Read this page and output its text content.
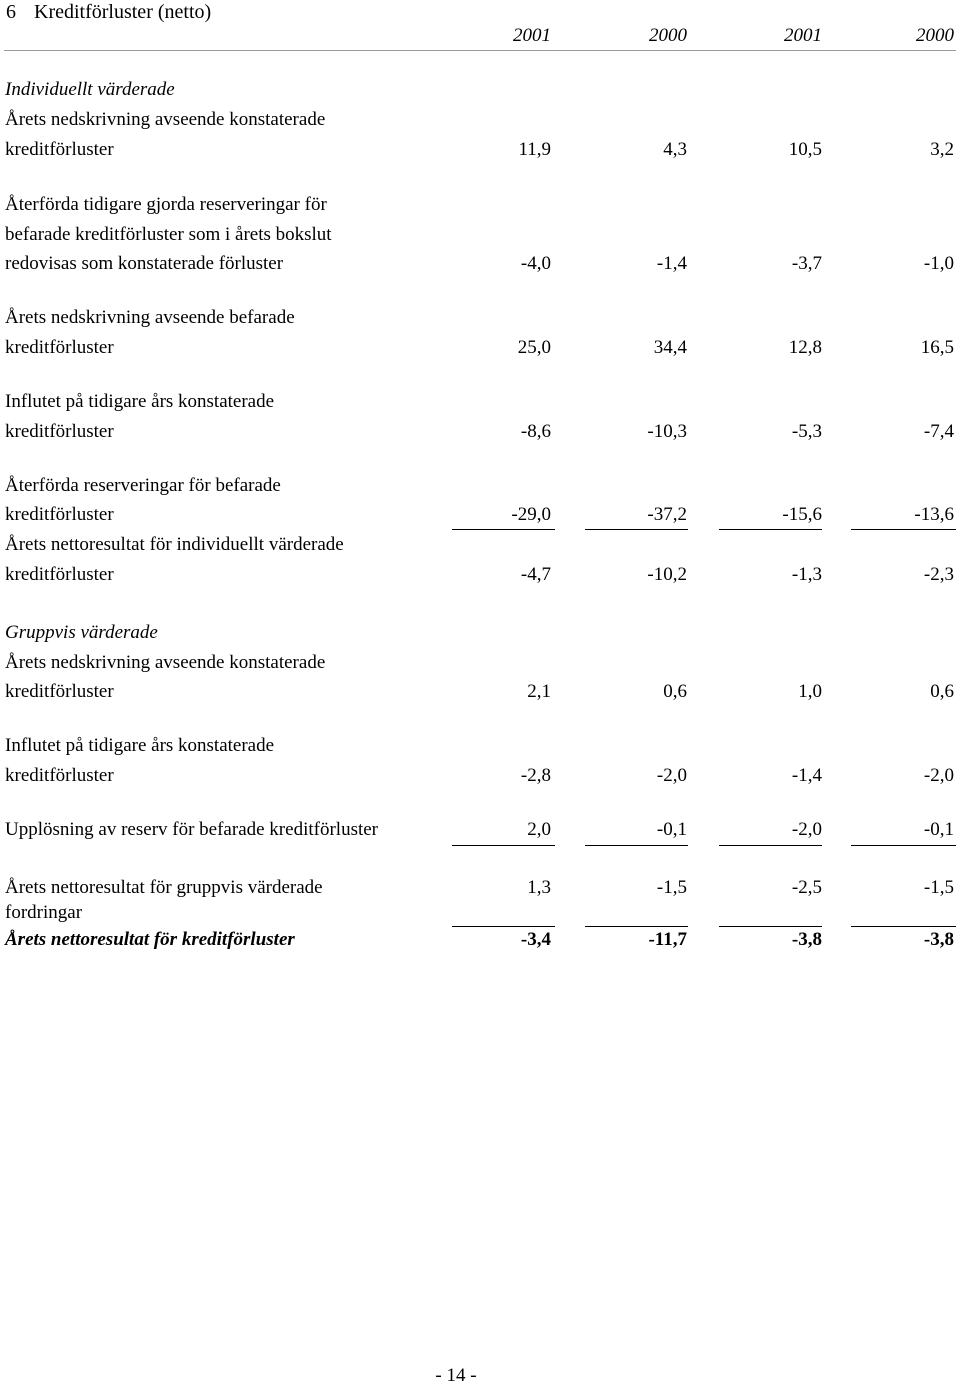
6 Kreditförluster (netto)
2001	2000	2001	2000
Individuellt värderade
Årets nedskrivning avseende konstaterade
kreditförluster	11,9	4,3	10,5	3,2
Återförda tidigare gjorda reserveringar för
befarade kreditförluster som i årets bokslut
redovisas som konstaterade förluster	-4,0	-1,4	-3,7	-1,0
Årets nedskrivning avseende befarade
kreditförluster	25,0	34,4	12,8	16,5
Influtet på tidigare års konstaterade
kreditförluster	-8,6	-10,3	-5,3	-7,4
Återförda reserveringar för befarade
kreditförluster	-29,0	-37,2	-15,6	-13,6
Årets nettoresultat för individuellt värderade
kreditförluster	-4,7	-10,2	-1,3	-2,3
Gruppvis värderade
Årets nedskrivning avseende konstaterade
kreditförluster	2,1	0,6	1,0	0,6
Influtet på tidigare års konstaterade
kreditförluster	-2,8	-2,0	-1,4	-2,0
Upplösning av reserv för befarade kreditförluster	2,0	-0,1	-2,0	-0,1
Årets nettoresultat för gruppvis värderade	1,3	-1,5	-2,5	-1,5
fordringar
Årets nettoresultat för kreditförluster	-3,4	-11,7	-3,8	-3,8
- 14 -
